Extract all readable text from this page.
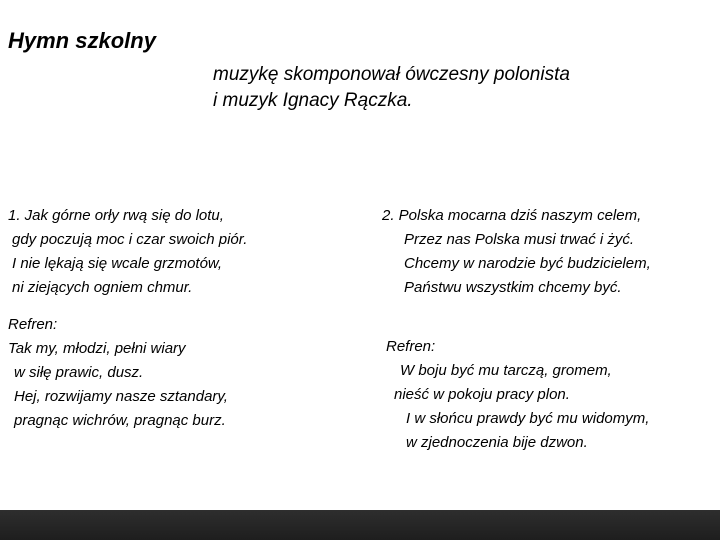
Hymn szkolny
muzykę skomponował ówczesny polonista
i muzyk Ignacy Rączka.
1. Jak górne orły rwą się do lotu,
gdy poczują moc i czar swoich piór.
I nie lękają się wcale grzmotów,
ni ziejących ogniem chmur.
2. Polska mocarna dziś naszym celem,
Przez nas Polska musi trwać i żyć.
Chcemy w narodzie być budzicielem,
Państwu wszystkim chcemy być.
Refren:
Tak my, młodzi, pełni wiary
w siłę prawic, dusz.
Hej, rozwijamy nasze sztandary,
pragnąc wichrów, pragnąc burz.
Refren:
W boju być mu tarczą, gromem,
nieść w pokoju pracy plon.
I w słońcu prawdy być mu widomym,
w zjednoczenia bije dzwon.
